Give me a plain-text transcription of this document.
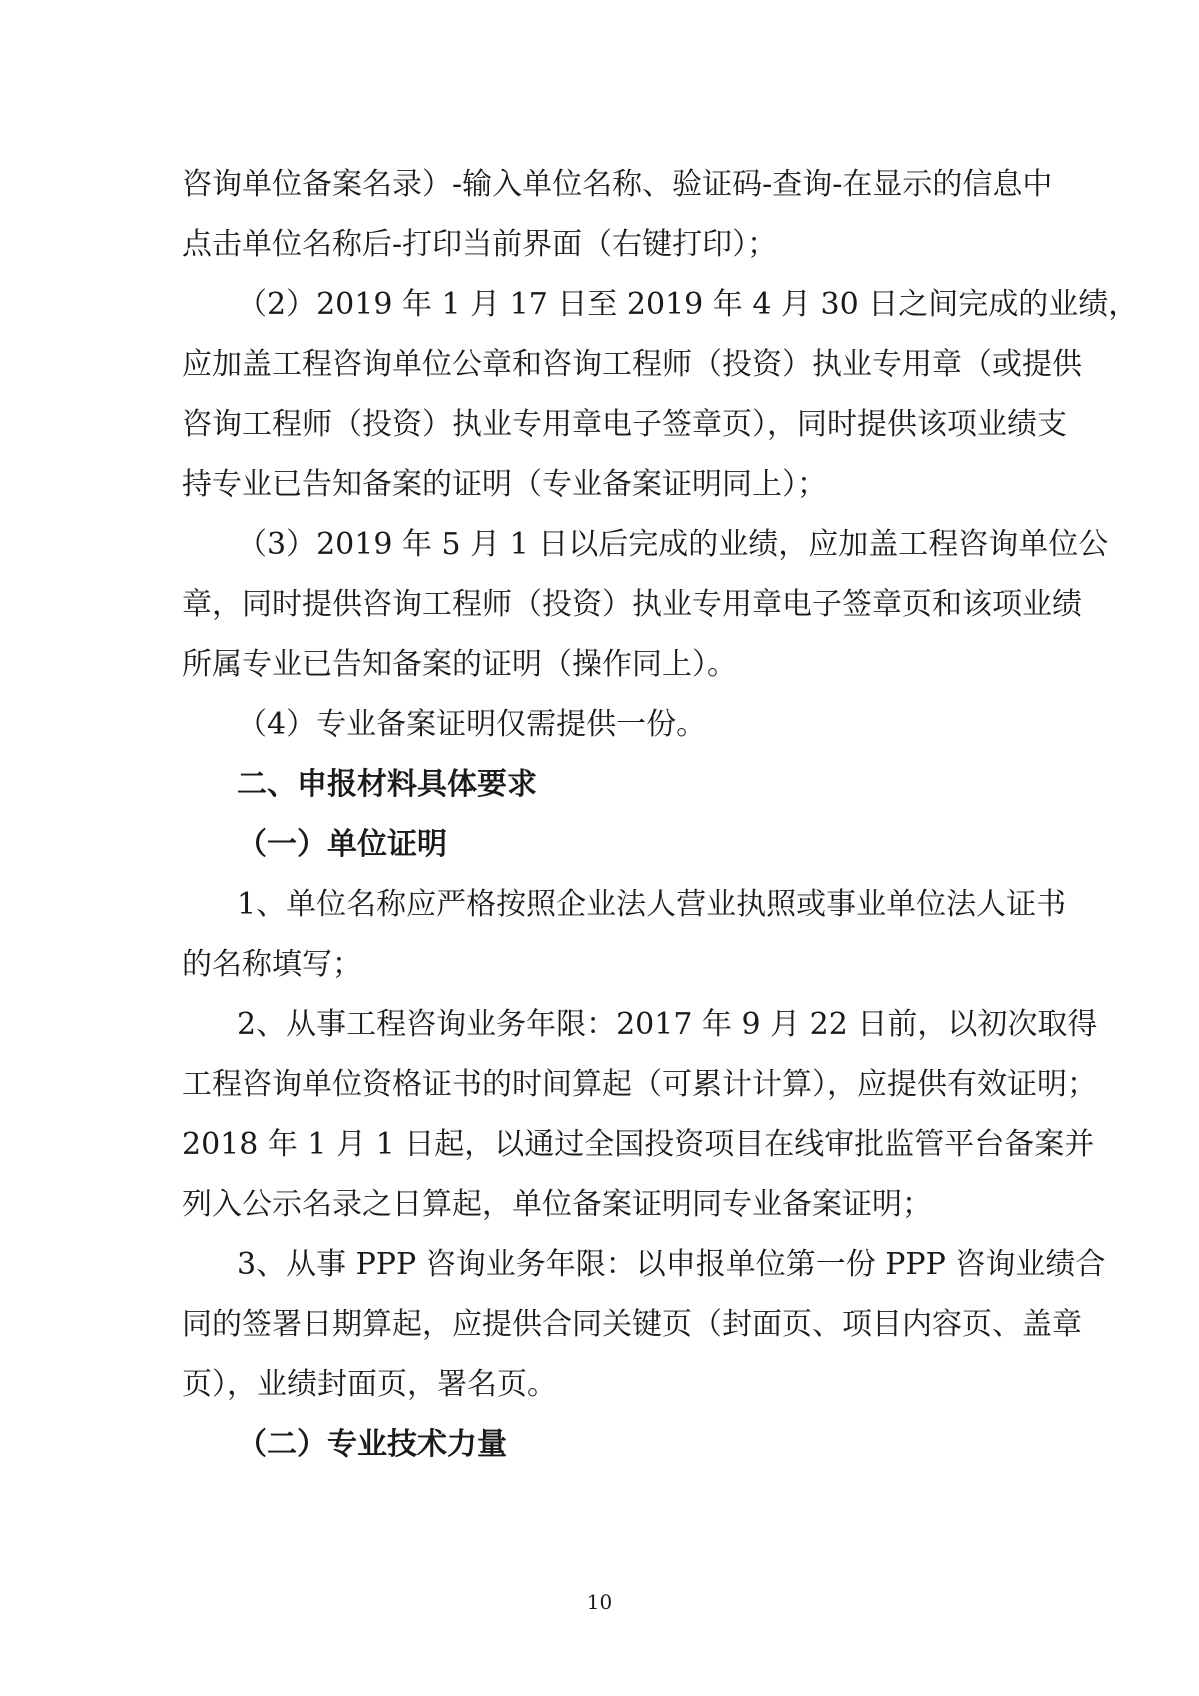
咨询单位备案名录）-输入单位名称、验证码-查询-在显示的信息中
点击单位名称后-打印当前界面（右键打印）；
（2）2019 年 1 月 17 日至 2019 年 4 月 30 日之间完成的业绩，
应加盖工程咨询单位公章和咨询工程师（投资）执业专用章（或提供
咨询工程师（投资）执业专用章电子签章页），同时提供该项业绩支
持专业已告知备案的证明（专业备案证明同上）；
（3）2019 年 5 月 1 日以后完成的业绩，应加盖工程咨询单位公
章，同时提供咨询工程师（投资）执业专用章电子签章页和该项业绩
所属专业已告知备案的证明（操作同上）。
（4）专业备案证明仅需提供一份。
二、申报材料具体要求
（一）单位证明
1、单位名称应严格按照企业法人营业执照或事业单位法人证书
的名称填写；
2、从事工程咨询业务年限：2017 年 9 月 22 日前，以初次取得
工程咨询单位资格证书的时间算起（可累计计算），应提供有效证明；
2018 年 1 月 1 日起，以通过全国投资项目在线审批监管平台备案并
列入公示名录之日算起，单位备案证明同专业备案证明；
3、从事 PPP 咨询业务年限：以申报单位第一份 PPP 咨询业绩合
同的签署日期算起，应提供合同关键页（封面页、项目内容页、盖章
页），业绩封面页，署名页。
（二）专业技术力量
10
